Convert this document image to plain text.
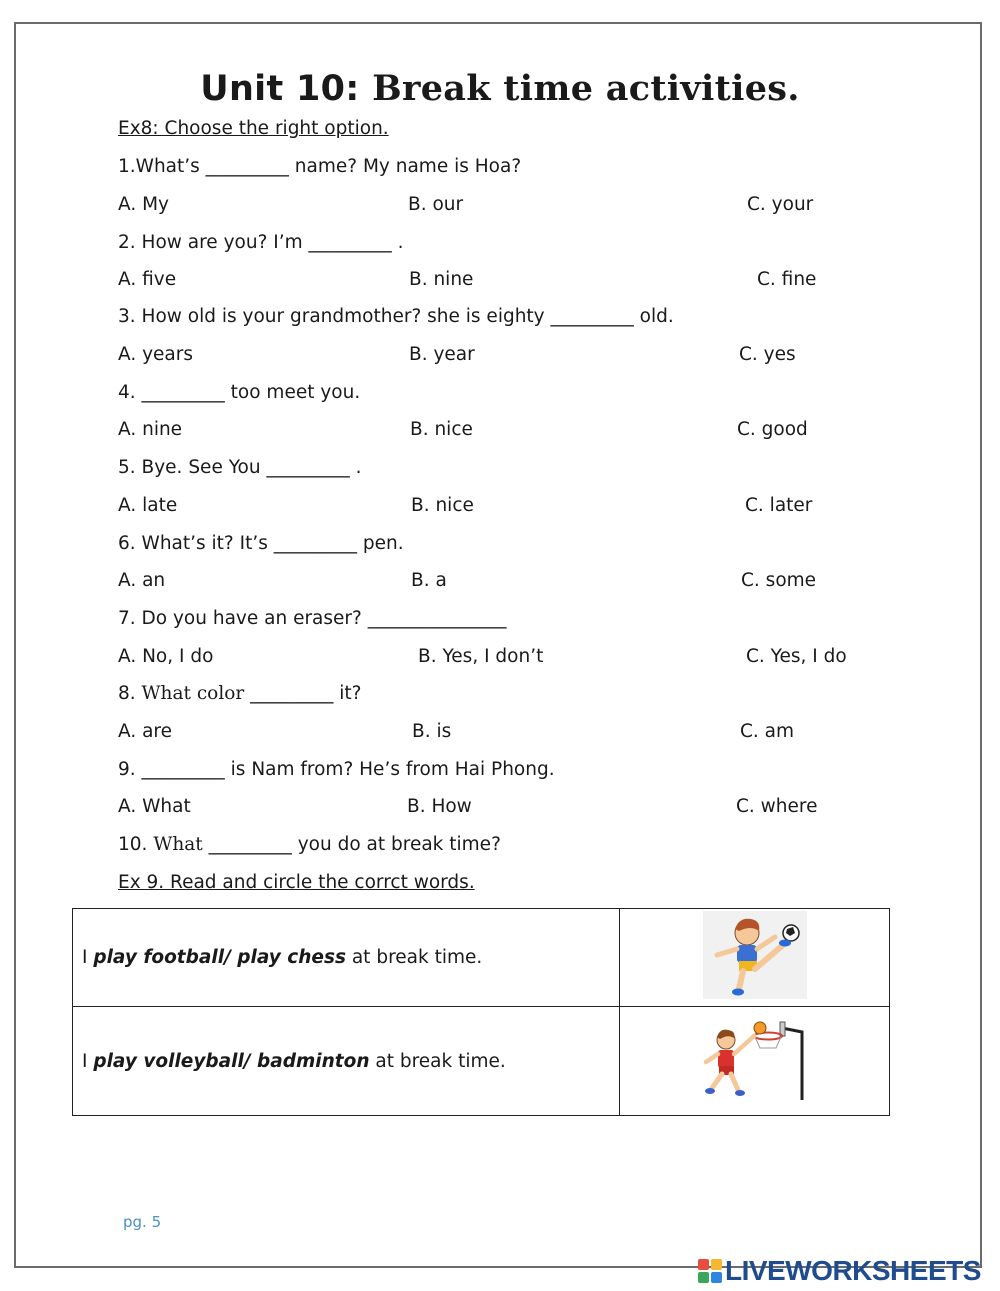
Unit 10: Break time activities.
Ex8: Choose the right option.
1.What’s _________ name? My name is Hoa?
A. My	B. our	C. your
2. How are you? I’m _________ .
A. five	B. nine	C. fine
3. How old is your grandmother? she is eighty _________ old.
A. years	B. year	C. yes
4. _________ too meet you.
A. nine	B. nice	C. good
5. Bye. See You _________ .
A. late	B. nice	C. later
6. What’s it? It’s _________ pen.
A. an	B. a	C. some
7. Do you have an eraser? _______________
A. No, I do	B. Yes, I don’t	C. Yes, I do
8. What color _________ it?
A. are	B. is	C. am
9. _________ is Nam from? He’s from Hai Phong.
A. What	B. How	C. where
10. What _________ you do at break time?
Ex 9. Read and circle the corrct words.
I play football/ play chess at break time.	
I play volleyball/ badminton at break time.	
pg. 5
LIVEWORKSHEETS
